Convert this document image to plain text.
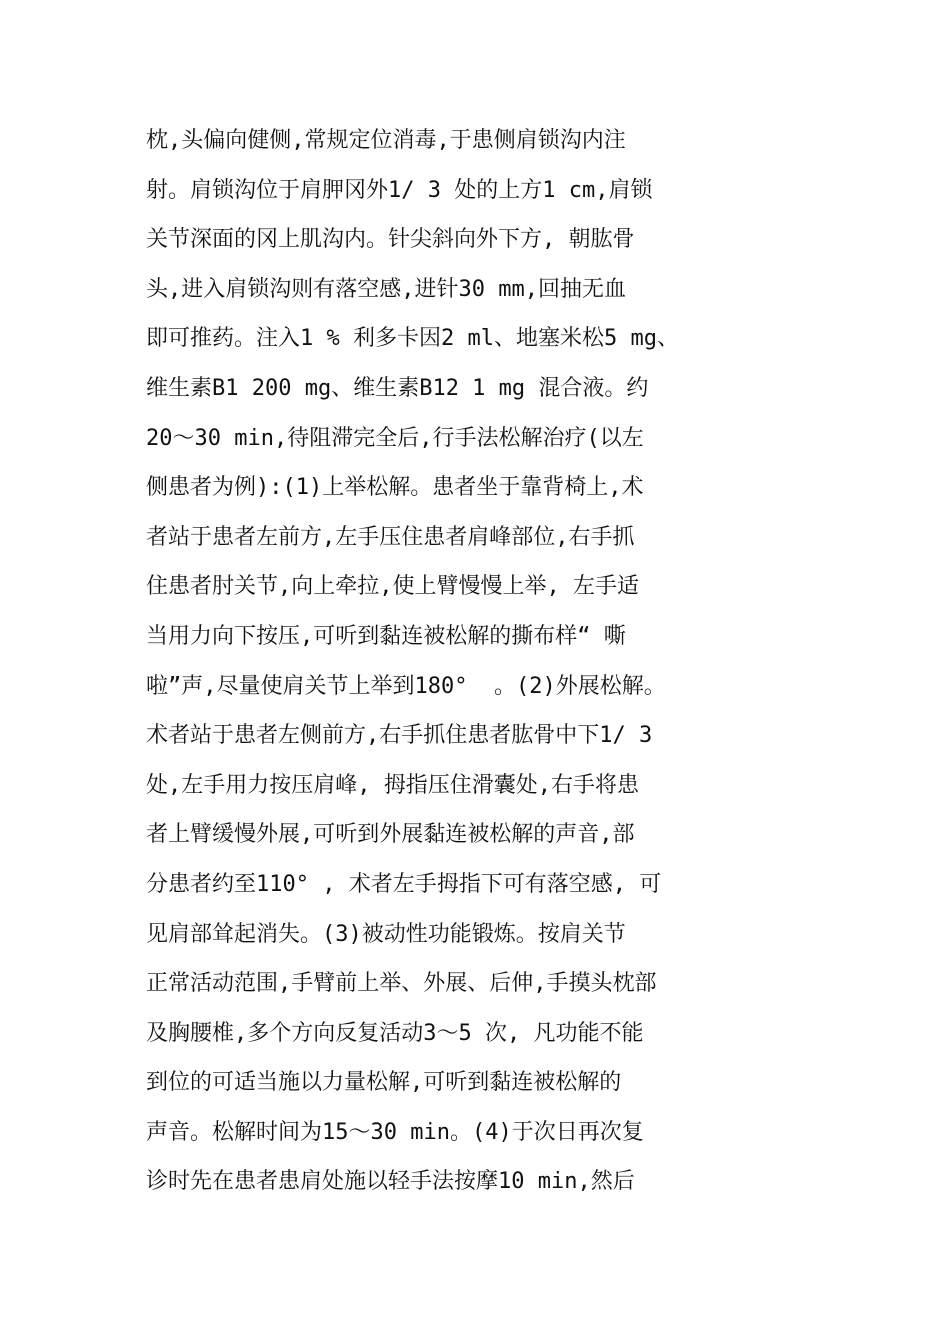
枕,头偏向健侧,常规定位消毒,于患侧肩锁沟内注
射。肩锁沟位于肩胛冈外1/ 3 处的上方1 cm,肩锁
关节深面的冈上肌沟内。针尖斜向外下方, 朝肱骨
头,进入肩锁沟则有落空感,进针30 mm,回抽无血
即可推药。注入1 % 利多卡因2 ml、地塞米松5 mg、
维生素B1 200 mg、维生素B12 1 mg 混合液。约
20～30 min,待阻滞完全后,行手法松解治疗(以左
侧患者为例):(1)上举松解。患者坐于靠背椅上,术
者站于患者左前方,左手压住患者肩峰部位,右手抓
住患者肘关节,向上牵拉,使上臂慢慢上举, 左手适
当用力向下按压,可听到黏连被松解的撕布样“ 嘶
啦”声,尽量使肩关节上举到180°  。(2)外展松解。
术者站于患者左侧前方,右手抓住患者肱骨中下1/ 3
处,左手用力按压肩峰, 拇指压住滑囊处,右手将患
者上臂缓慢外展,可听到外展黏连被松解的声音,部
分患者约至110° , 术者左手拇指下可有落空感, 可
见肩部耸起消失。(3)被动性功能锻炼。按肩关节
正常活动范围,手臂前上举、外展、后伸,手摸头枕部
及胸腰椎,多个方向反复活动3～5 次, 凡功能不能
到位的可适当施以力量松解,可听到黏连被松解的
声音。松解时间为15～30 min。(4)于次日再次复
诊时先在患者患肩处施以轻手法按摩10 min,然后
